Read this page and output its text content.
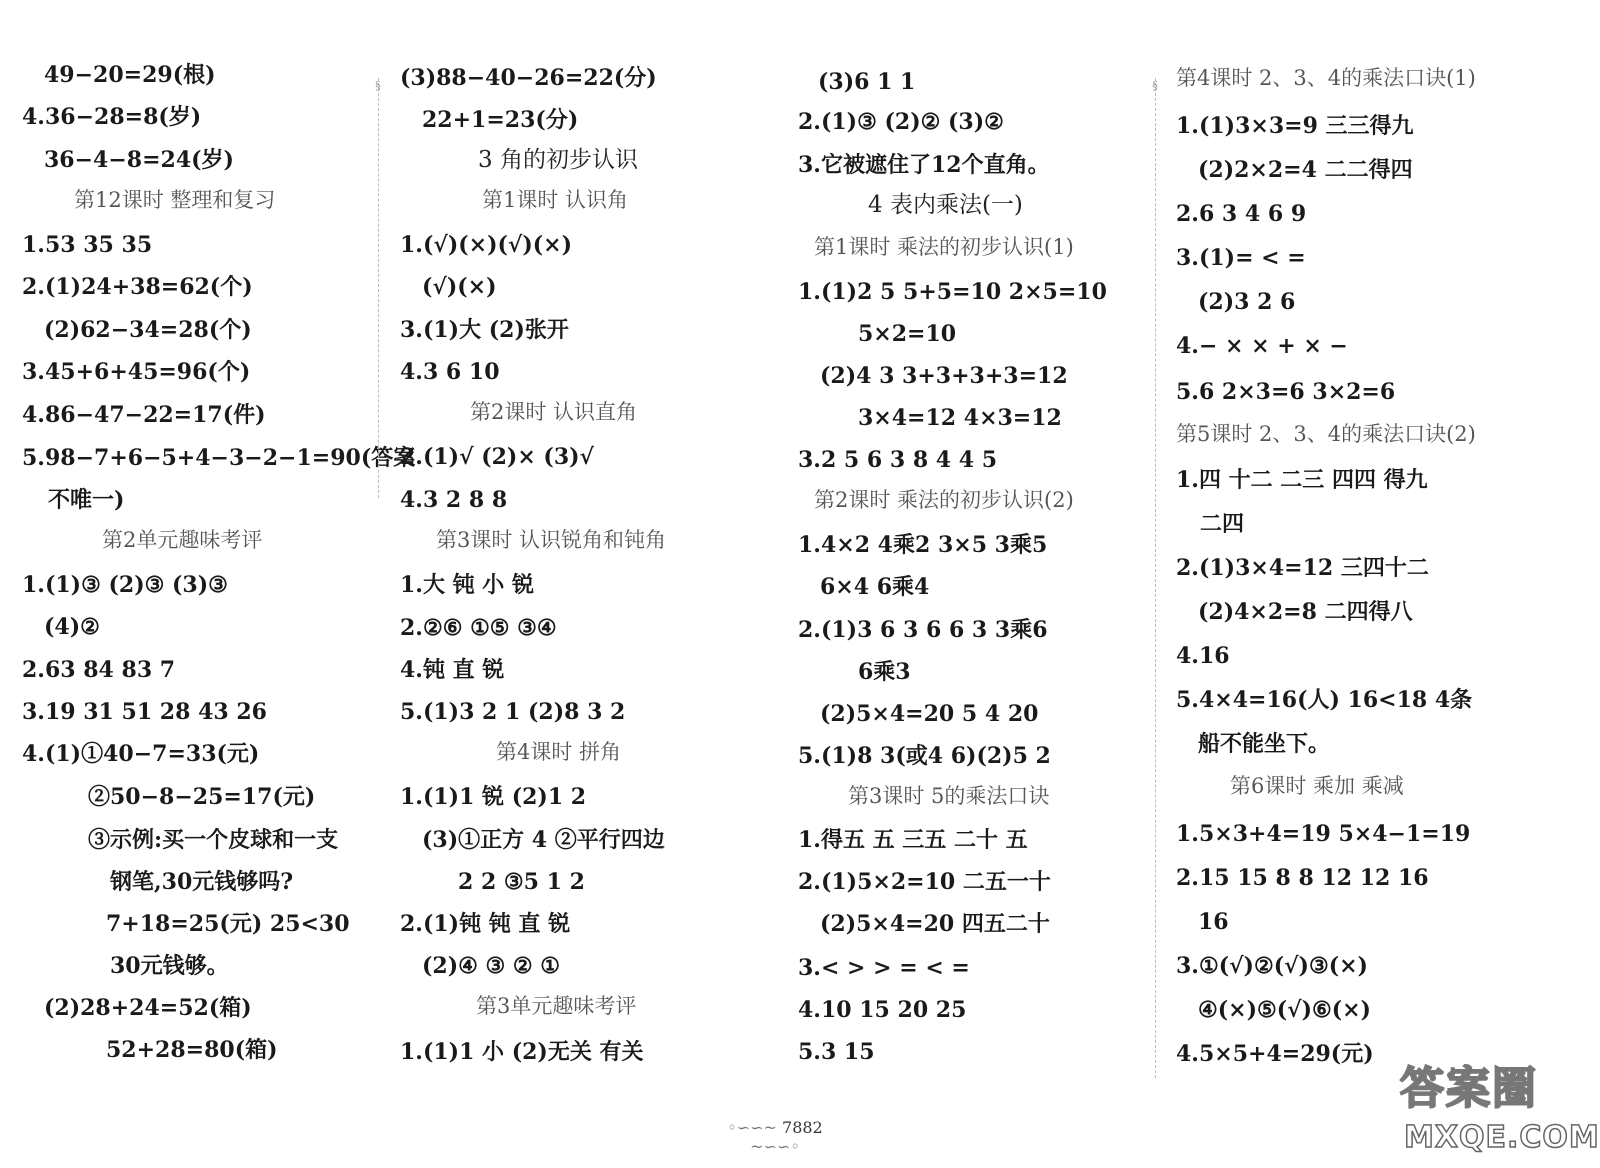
49−20=29(根)
4.36−28=8(岁)
36−4−8=24(岁)
第12课时 整理和复习
1.53 35 35
2.(1)24+38=62(个)
(2)62−34=28(个)
3.45+6+45=96(个)
4.86−47−22=17(件)
5.98−7+6−5+4−3−2−1=90(答案
不唯一)
第2单元趣味考评
1.(1)③ (2)③ (3)③
(4)②
2.63 84 83 7
3.19 31 51 28 43 26
4.(1)①40−7=33(元)
②50−8−25=17(元)
③示例:买一个皮球和一支
钢笔,30元钱够吗?
7+18=25(元) 25<30
30元钱够。
(2)28+24=52(箱)
52+28=80(箱)
(3)88−40−26=22(分)
22+1=23(分)
3 角的初步认识
第1课时 认识角
1.(√)(×)(√)(×)
(√)(×)
3.(1)大 (2)张开
4.3 6 10
第2课时 认识直角
2.(1)√ (2)× (3)√
4.3 2 8 8
第3课时 认识锐角和钝角
1.大 钝 小 锐
2.②⑥ ①⑤ ③④
4.钝 直 锐
5.(1)3 2 1 (2)8 3 2
第4课时 拼角
1.(1)1 锐 (2)1 2
(3)①正方 4 ②平行四边
2 2 ③5 1 2
2.(1)钝 钝 直 锐
(2)④ ③ ② ①
第3单元趣味考评
1.(1)1 小 (2)无关 有关
(3)6 1 1
2.(1)③ (2)② (3)②
3.它被遮住了12个直角。
4 表内乘法(一)
第1课时 乘法的初步认识(1)
1.(1)2 5 5+5=10 2×5=10
5×2=10
(2)4 3 3+3+3+3=12
3×4=12 4×3=12
3.2 5 6 3 8 4 4 5
第2课时 乘法的初步认识(2)
1.4×2 4乘2 3×5 3乘5
6×4 6乘4
2.(1)3 6 3 6 6 3 3乘6
6乘3
(2)5×4=20 5 4 20
5.(1)8 3(或4 6)(2)5 2
第3课时 5的乘法口诀
1.得五 五 三五 二十 五
2.(1)5×2=10 二五一十
(2)5×4=20 四五二十
3.< > > = < =
4.10 15 20 25
5.3 15
第4课时 2、3、4的乘法口诀(1)
1.(1)3×3=9 三三得九
(2)2×2=4 二二得四
2.6 3 4 6 9
3.(1)= < =
(2)3 2 6
4.− × × + × −
5.6 2×3=6 3×2=6
第5课时 2、3、4的乘法口诀(2)
1.四 十二 二三 四四 得九
二四
2.(1)3×4=12 三四十二
(2)4×2=8 二四得八
4.16
5.4×4=16(人) 16<18 4条
船不能坐下。
第6课时 乘加 乘减
1.5×3+4=19 5×4−1=19
2.15 15 8 8 12 12 16
16
3.①(√)②(√)③(×)
④(×)⑤(√)⑥(×)
4.5×5+4=29(元)
§	§
◦∽∽~ 7882 ~∽∽◦
答案圈
MXQE.COM
